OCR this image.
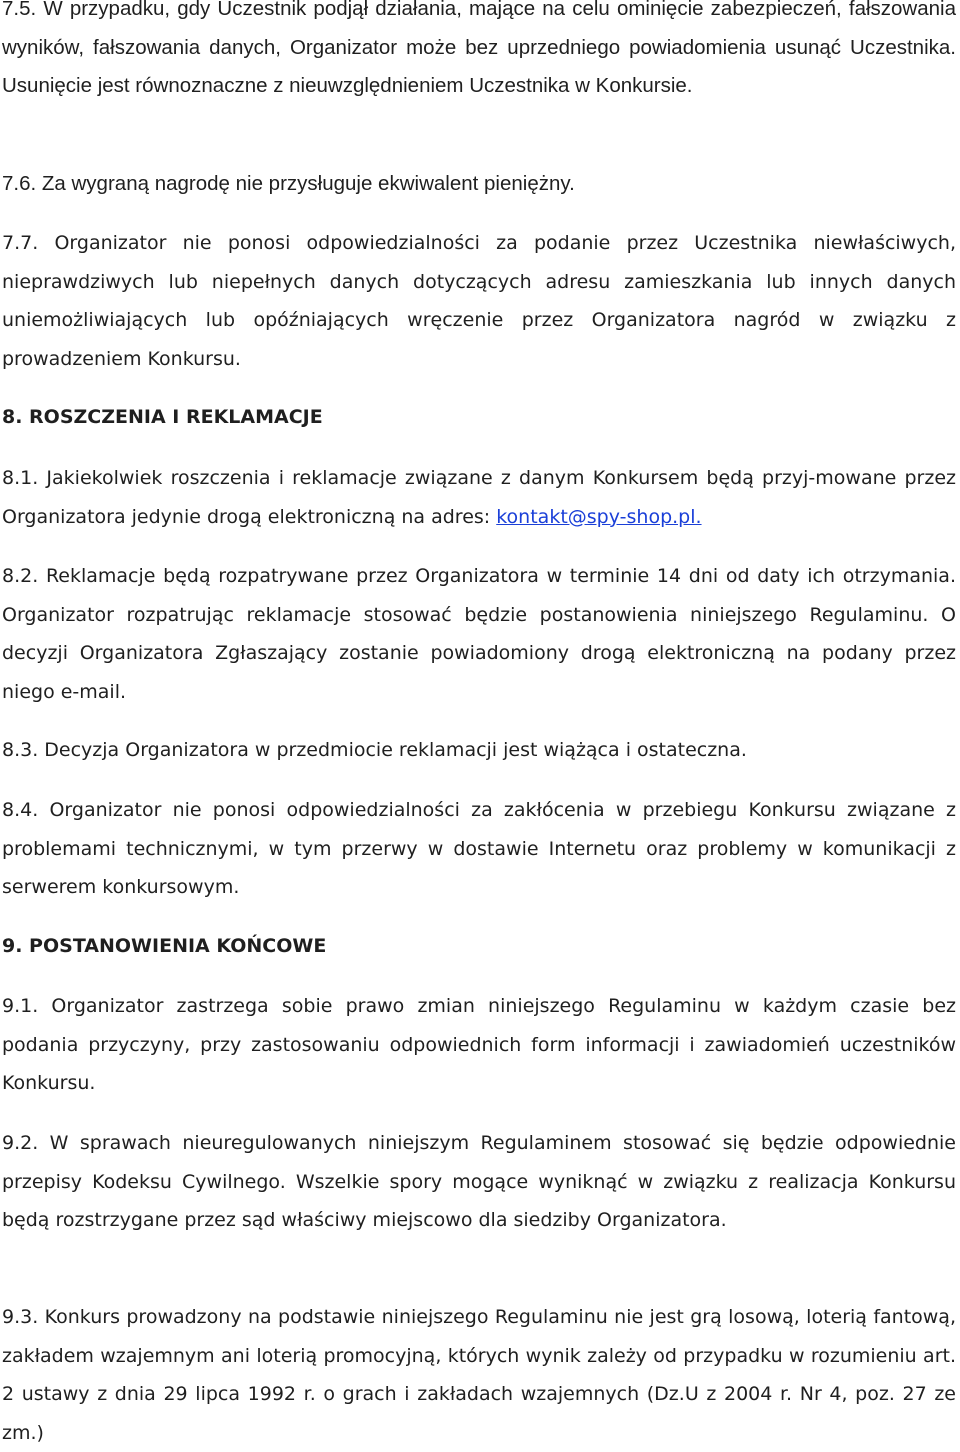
7.5. W przypadku, gdy Uczestnik podjął działania, mające na celu ominięcie zabezpieczeń, fałszowania wyników, fałszowania danych, Organizator może bez uprzedniego powiadomienia usunąć Uczestnika. Usunięcie jest równoznaczne z nieuwzględnieniem Uczestnika w Konkursie.

7.6. Za wygraną nagrodę nie przysługuje ekwiwalent pieniężny.

7.7. Organizator nie ponosi odpowiedzialności za podanie przez Uczestnika niewłaściwych, nieprawdziwych lub niepełnych danych dotyczących adresu zamieszkania lub innych danych uniemożliwiających lub opóźniających wręczenie przez Organizatora nagród w związku z prowadzeniem Konkursu.

8. ROSZCZENIA I REKLAMACJE

8.1. Jakiekolwiek roszczenia i reklamacje związane z danym Konkursem będą przyj-mowane przez Organizatora jedynie drogą elektroniczną na adres: kontakt@spy-shop.pl.

8.2. Reklamacje będą rozpatrywane przez Organizatora w terminie 14 dni od daty ich otrzymania. Organizator rozpatrując reklamacje stosować będzie postanowienia niniejszego Regulaminu. O decyzji Organizatora Zgłaszający zostanie powiadomiony drogą elektroniczną na podany przez niego e-mail.

8.3. Decyzja Organizatora w przedmiocie reklamacji jest wiążąca i ostateczna.

8.4. Organizator nie ponosi odpowiedzialności za zakłócenia w przebiegu Konkursu związane z problemami technicznymi, w tym przerwy w dostawie Internetu oraz problemy w komunikacji z serwerem konkursowym.

9. POSTANOWIENIA KOŃCOWE

9.1. Organizator zastrzega sobie prawo zmian niniejszego Regulaminu w każdym czasie bez podania przyczyny, przy zastosowaniu odpowiednich form informacji i zawiadomień uczestników Konkursu.

9.2. W sprawach nieuregulowanych niniejszym Regulaminem stosować się będzie odpowiednie przepisy Kodeksu Cywilnego. Wszelkie spory mogące wyniknąć w związku z realizacja Konkursu będą rozstrzygane przez sąd właściwy miejscowo dla siedziby Organizatora.

9.3. Konkurs prowadzony na podstawie niniejszego Regulaminu nie jest grą losową, loterią fantową, zakładem wzajemnym ani loterią promocyjną, których wynik zależy od przypadku w rozumieniu art. 2 ustawy z dnia 29 lipca 1992 r. o grach i zakładach wzajemnych (Dz.U z 2004 r. Nr 4, poz. 27 ze zm.)
